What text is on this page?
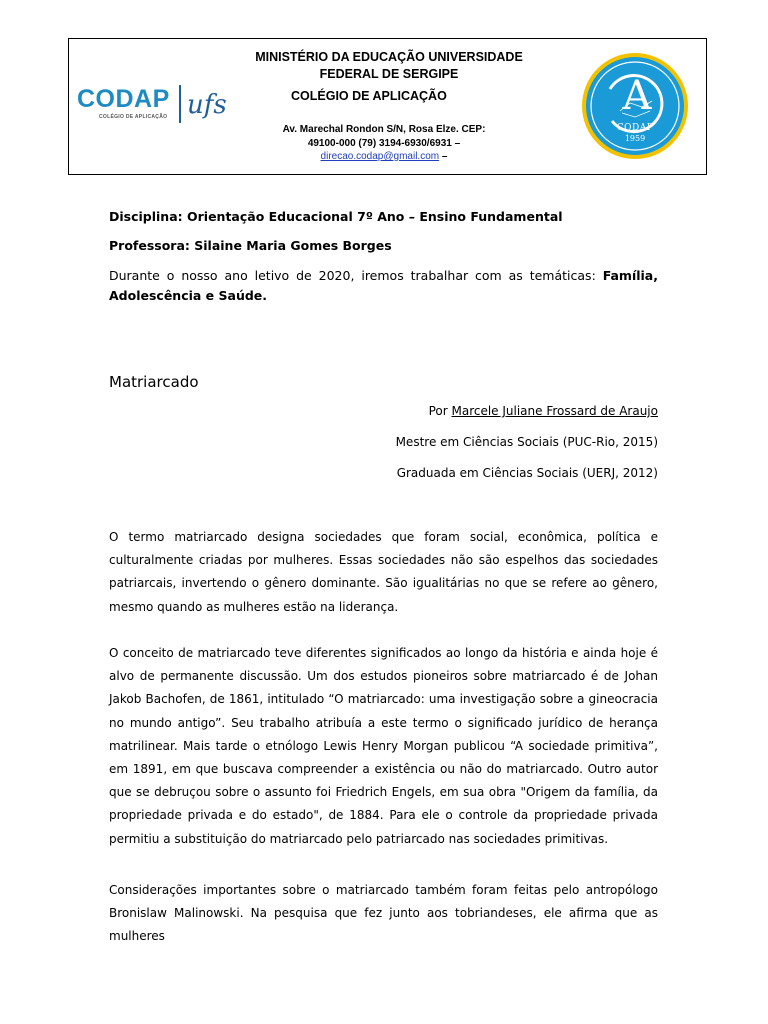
CODAP
COLÉGIO DE APLICAÇÃO ufs
MINISTÉRIO DA EDUCAÇÃO UNIVERSIDADE
FEDERAL DE SERGIPE
COLÉGIO DE APLICAÇÃO
Av. Marechal Rondon S/N, Rosa Elze. CEP:
49100-000 (79) 3194-6930/6931 –
direcao.codap@gmail.com –
A
CODAP
1959
Disciplina: Orientação Educacional 7º Ano – Ensino Fundamental
Professora: Silaine Maria Gomes Borges
Durante o nosso ano letivo de 2020, iremos trabalhar com as temáticas: Família, Adolescência e Saúde.
Matriarcado
Por Marcele Juliane Frossard de Araujo
Mestre em Ciências Sociais (PUC-Rio, 2015)
Graduada em Ciências Sociais (UERJ, 2012)
O termo matriarcado designa sociedades que foram social, econômica, política e culturalmente criadas por mulheres. Essas sociedades não são espelhos das sociedades patriarcais, invertendo o gênero dominante. São igualitárias no que se refere ao gênero, mesmo quando as mulheres estão na liderança.
O conceito de matriarcado teve diferentes significados ao longo da história e ainda hoje é alvo de permanente discussão. Um dos estudos pioneiros sobre matriarcado é de Johan Jakob Bachofen, de 1861, intitulado “O matriarcado: uma investigação sobre a gineocracia no mundo antigo”. Seu trabalho atribuía a este termo o significado jurídico de herança matrilinear. Mais tarde o etnólogo Lewis Henry Morgan publicou “A sociedade primitiva”, em 1891, em que buscava compreender a existência ou não do matriarcado. Outro autor que se debruçou sobre o assunto foi Friedrich Engels, em sua obra "Origem da família, da propriedade privada e do estado", de 1884. Para ele o controle da propriedade privada permitiu a substituição do matriarcado pelo patriarcado nas sociedades primitivas.
Considerações importantes sobre o matriarcado também foram feitas pelo antropólogo Bronislaw Malinowski. Na pesquisa que fez junto aos tobriandeses, ele afirma que as mulheres
